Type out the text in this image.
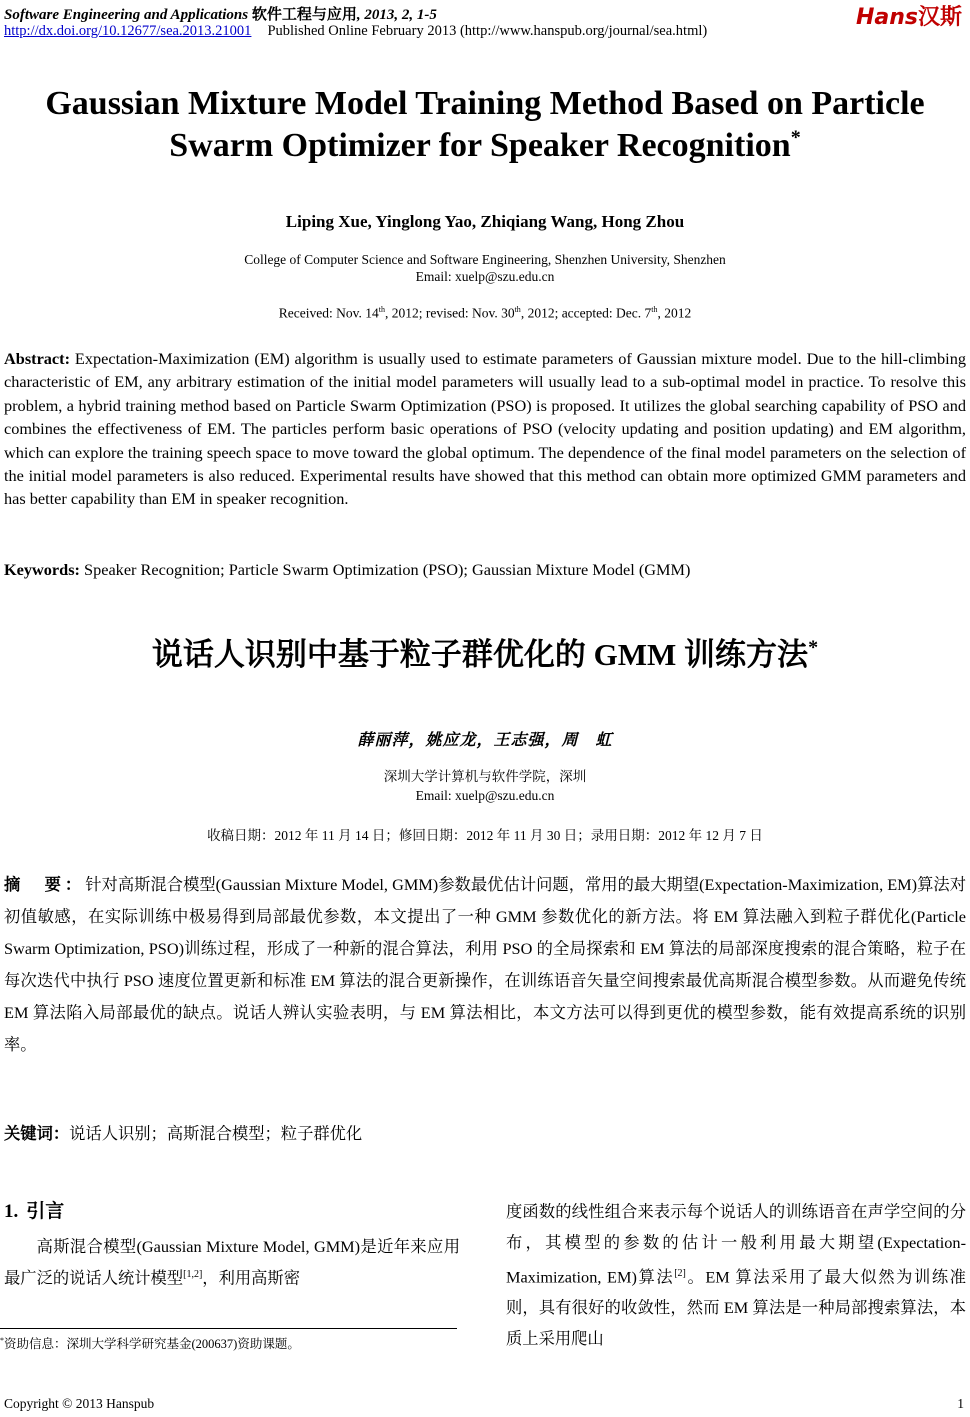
Software Engineering and Applications 软件工程与应用, 2013, 2, 1-5	Hans汉斯
http://dx.doi.org/10.12677/sea.2013.21001 Published Online February 2013 (http://www.hanspub.org/journal/sea.html)
Gaussian Mixture Model Training Method Based on Particle
Swarm Optimizer for Speaker Recognition*
Liping Xue, Yinglong Yao, Zhiqiang Wang, Hong Zhou
College of Computer Science and Software Engineering, Shenzhen University, Shenzhen
Email: xuelp@szu.edu.cn
Received: Nov. 14th, 2012; revised: Nov. 30th, 2012; accepted: Dec. 7th, 2012
Abstract: Expectation-Maximization (EM) algorithm is usually used to estimate parameters of Gaussian mixture model. Due to the hill-climbing characteristic of EM, any arbitrary estimation of the initial model parameters will usually lead to a sub-optimal model in practice. To resolve this problem, a hybrid training method based on Particle Swarm Optimization (PSO) is proposed. It utilizes the global searching capability of PSO and combines the effectiveness of EM. The particles perform basic operations of PSO (velocity updating and position updating) and EM algorithm, which can explore the training speech space to move toward the global optimum. The dependence of the final model parameters on the selection of the initial model parameters is also reduced. Experimental results have showed that this method can obtain more optimized GMM parameters and has better capability than EM in speaker recognition.
Keywords: Speaker Recognition; Particle Swarm Optimization (PSO); Gaussian Mixture Model (GMM)
说话人识别中基于粒子群优化的 GMM 训练方法*
薛丽萍，姚应龙，王志强，周　虹
深圳大学计算机与软件学院，深圳
Email: xuelp@szu.edu.cn
收稿日期：2012 年 11 月 14 日；修回日期：2012 年 11 月 30 日；录用日期：2012 年 12 月 7 日
摘　要：针对高斯混合模型(Gaussian Mixture Model, GMM)参数最优估计问题，常用的最大期望(Expectation-Maximization, EM)算法对初值敏感，在实际训练中极易得到局部最优参数，本文提出了一种 GMM 参数优化的新方法。将 EM 算法融入到粒子群优化(Particle Swarm Optimization, PSO)训练过程，形成了一种新的混合算法，利用 PSO 的全局探索和 EM 算法的局部深度搜索的混合策略，粒子在每次迭代中执行 PSO 速度位置更新和标准 EM 算法的混合更新操作，在训练语音矢量空间搜索最优高斯混合模型参数。从而避免传统 EM 算法陷入局部最优的缺点。说话人辨认实验表明，与 EM 算法相比，本文方法可以得到更优的模型参数，能有效提高系统的识别率。
关键词：说话人识别；高斯混合模型；粒子群优化
1. 引言

高斯混合模型(Gaussian Mixture Model, GMM)是近年来应用最广泛的说话人统计模型[1,2]，利用高斯密

度函数的线性组合来表示每个说话人的训练语音在声学空间的分布，其模型的参数的估计一般利用最大期望(Expectation-Maximization, EM)算法[2]。EM 算法采用了最大似然为训练准则，具有很好的收敛性，然而 EM 算法是一种局部搜索算法，本质上采用爬山

*资助信息：深圳大学科学研究基金(200637)资助课题。
Copyright © 2013 Hanspub	1
